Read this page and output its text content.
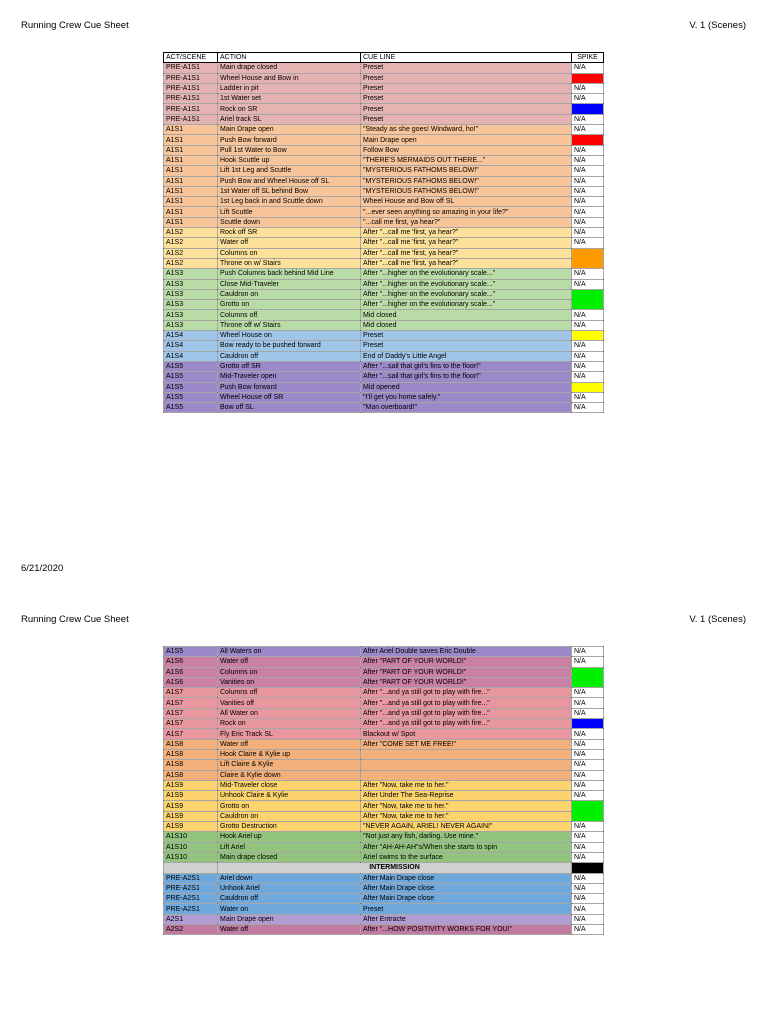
Running Crew Cue Sheet	V. 1 (Scenes)
ACT/SCENE	ACTION	CUE LINE	SPIKE
PRE-A1S1	Main drape closed	Preset	N/A
PRE-A1S1	Wheel House and Bow in	Preset	
PRE-A1S1	Ladder in pit	Preset	N/A
PRE-A1S1	1st Water set	Preset	N/A
PRE-A1S1	Rock on SR	Preset	
PRE-A1S1	Ariel track SL	Preset	N/A
A1S1	Main Drape open	"Steady as she goes! Windward, ho!"	N/A
A1S1	Push Bow forward	Main Drape open	
A1S1	Pull 1st Water to Bow	Follow Bow	N/A
A1S1	Hook Scuttle up	"THERE'S MERMAIDS OUT THERE..."	N/A
A1S1	Lift 1st Leg and Scuttle	"MYSTERIOUS FATHOMS BELOW!"	N/A
A1S1	Push Bow and Wheel House off SL	"MYSTERIOUS FATHOMS BELOW!"	N/A
A1S1	1st Water off SL behind Bow	"MYSTERIOUS FATHOMS BELOW!"	N/A
A1S1	1st Leg back in and Scuttle down	Wheel House and Bow off SL	N/A
A1S1	Lift Scuttle	"...ever seen anything so amazing in your life?"	N/A
A1S1	Scuttle down	"...call me first, ya hear?"	N/A
A1S2	Rock off SR	After "...call me 'first, ya hear?"	N/A
A1S2	Water off	After "...call me 'first, ya hear?"	N/A
A1S2	Columns on	After "...call me 'first, ya hear?"	
A1S2	Throne on w/ Stairs	After "...call me 'first, ya hear?"	
A1S3	Push Columns back behind Mid Line	After "...higher on the evolutionary scale..."	N/A
A1S3	Close Mid-Traveler	After "...higher on the evolutionary scale..."	N/A
A1S3	Cauldron on	After "...higher on the evolutionary scale..."	
A1S3	Grotto on	After "...higher on the evolutionary scale..."	
A1S3	Columns off	Mid closed	N/A
A1S3	Throne off w/ Stairs	Mid closed	N/A
A1S4	Wheel House on	Preset	
A1S4	Bow ready to be pushed forward	Preset	N/A
A1S4	Cauldron off	End of Daddy's Little Angel	N/A
A1S5	Grotto off SR	After "...sail that girl's fins to the floor!"	N/A
A1S5	Mid-Traveler open	After "...sail that girl's fins to the floor!"	N/A
A1S5	Push Bow forward	Mid opened	
A1S5	Wheel House off SR	"I'll get you home safely."	N/A
A1S5	Bow off SL	"Man overboard!"	N/A
6/21/2020
Running Crew Cue Sheet	V. 1 (Scenes)
A1S5	All Waters on	After Ariel Double saves Eric Double	N/A
A1S6	Water off	After "PART OF YOUR WORLD!"	N/A
A1S6	Columns on	After "PART OF YOUR WORLD!"	
A1S6	Vanities on	After "PART OF YOUR WORLD!"	
A1S7	Columns off	After "...and ya still got to play with fire..."	N/A
A1S7	Vanities off	After "...and ya still got to play with fire..."	N/A
A1S7	All Water on	After "...and ya still got to play with fire..."	N/A
A1S7	Rock on	After "...and ya still got to play with fire..."	
A1S7	Fly Eric Track SL	Blackout w/ Spot	N/A
A1S8	Water off	After "COME SET ME FREE!"	N/A
A1S8	Hook Claire & Kylie up		N/A
A1S8	Lift Claire & Kylie		N/A
A1S8	Claire & Kylie down		N/A
A1S9	Mid-Traveler close	After "Now, take me to her."	N/A
A1S9	Unhook Claire & Kylie	After Under The Sea-Reprise	N/A
A1S9	Grotto on	After "Now, take me to her."	
A1S9	Cauldron on	After "Now, take me to her."	
A1S9	Grotto Destruction	"NEVER AGAIN, ARIEL! NEVER AGAIN!"	N/A
A1S10	Hook Ariel up	"Not just any fish, darling. Use mine."	N/A
A1S10	Lift Ariel	After "AH-AH-AH"s/When she starts to spin	N/A
A1S10	Main drape closed	Ariel swims to the surface	N/A
	INTERMISSION		
PRE-A2S1	Ariel down	After Main Drape close	N/A
PRE-A2S1	Unhook Ariel	After Main Drape close	N/A
PRE-A2S1	Cauldron off	After Main Drape close	N/A
PRE-A2S1	Water on	Preset	N/A
A2S1	Main Drape open	After Entracte	N/A
A2S2	Water off	After "...HOW POSITIVITY WORKS FOR YOU!"	N/A
